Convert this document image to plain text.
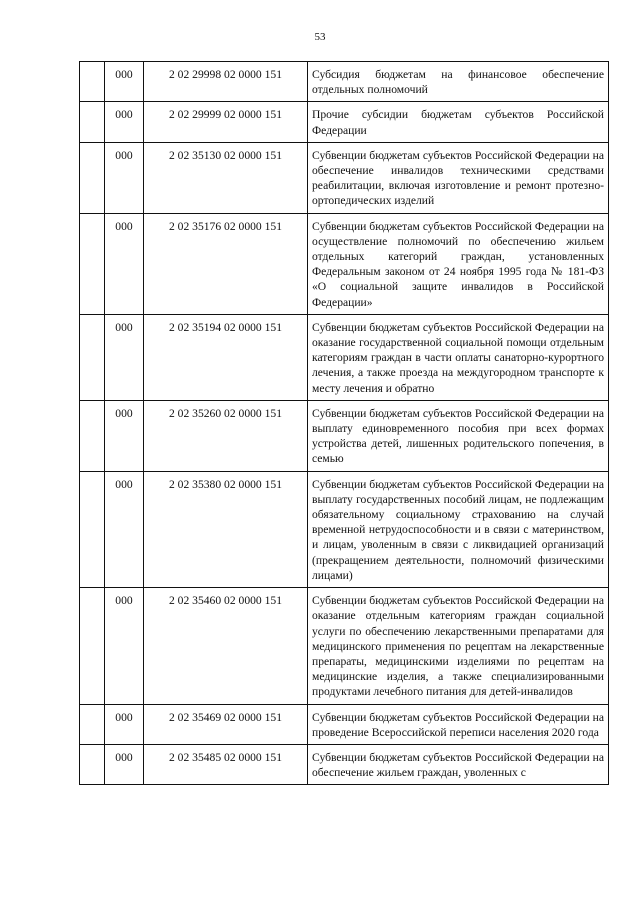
53
	000	2 02 29998 02 0000 151	Субсидия бюджетам на финансовое обеспечение отдельных полномочий
	000	2 02 29999 02 0000 151	Прочие субсидии бюджетам субъектов Российской Федерации
	000	2 02 35130 02 0000 151	Субвенции бюджетам субъектов Российской Федерации на обеспечение инвалидов техническими средствами реабилитации, включая изготовление и ремонт протезно-ортопедических изделий
	000	2 02 35176 02 0000 151	Субвенции бюджетам субъектов Российской Федерации на осуществление полномочий по обеспечению жильем отдельных категорий граждан, установленных Федеральным законом от 24 ноября 1995 года № 181-ФЗ «О социальной защите инвалидов в Российской Федерации»
	000	2 02 35194 02 0000 151	Субвенции бюджетам субъектов Российской Федерации на оказание государственной социальной помощи отдельным категориям граждан в части оплаты санаторно-курортного лечения, а также проезда на междугородном транспорте к месту лечения и обратно
	000	2 02 35260 02 0000 151	Субвенции бюджетам субъектов Российской Федерации на выплату единовременного пособия при всех формах устройства детей, лишенных родительского попечения, в семью
	000	2 02 35380 02 0000 151	Субвенции бюджетам субъектов Российской Федерации на выплату государственных пособий лицам, не подлежащим обязательному социальному страхованию на случай временной нетрудоспособности и в связи с материнством, и лицам, уволенным в связи с ликвидацией организаций (прекращением деятельности, полномочий физическими лицами)
	000	2 02 35460 02 0000 151	Субвенции бюджетам субъектов Российской Федерации на оказание отдельным категориям граждан социальной услуги по обеспечению лекарственными препаратами для медицинского применения по рецептам на лекарственные препараты, медицинскими изделиями по рецептам на медицинские изделия, а также специализированными продуктами лечебного питания для детей-инвалидов
	000	2 02 35469 02 0000 151	Субвенции бюджетам субъектов Российской Федерации на проведение Всероссийской переписи населения 2020 года
	000	2 02 35485 02 0000 151	Субвенции бюджетам субъектов Российской Федерации на обеспечение жильем граждан, уволенных с
